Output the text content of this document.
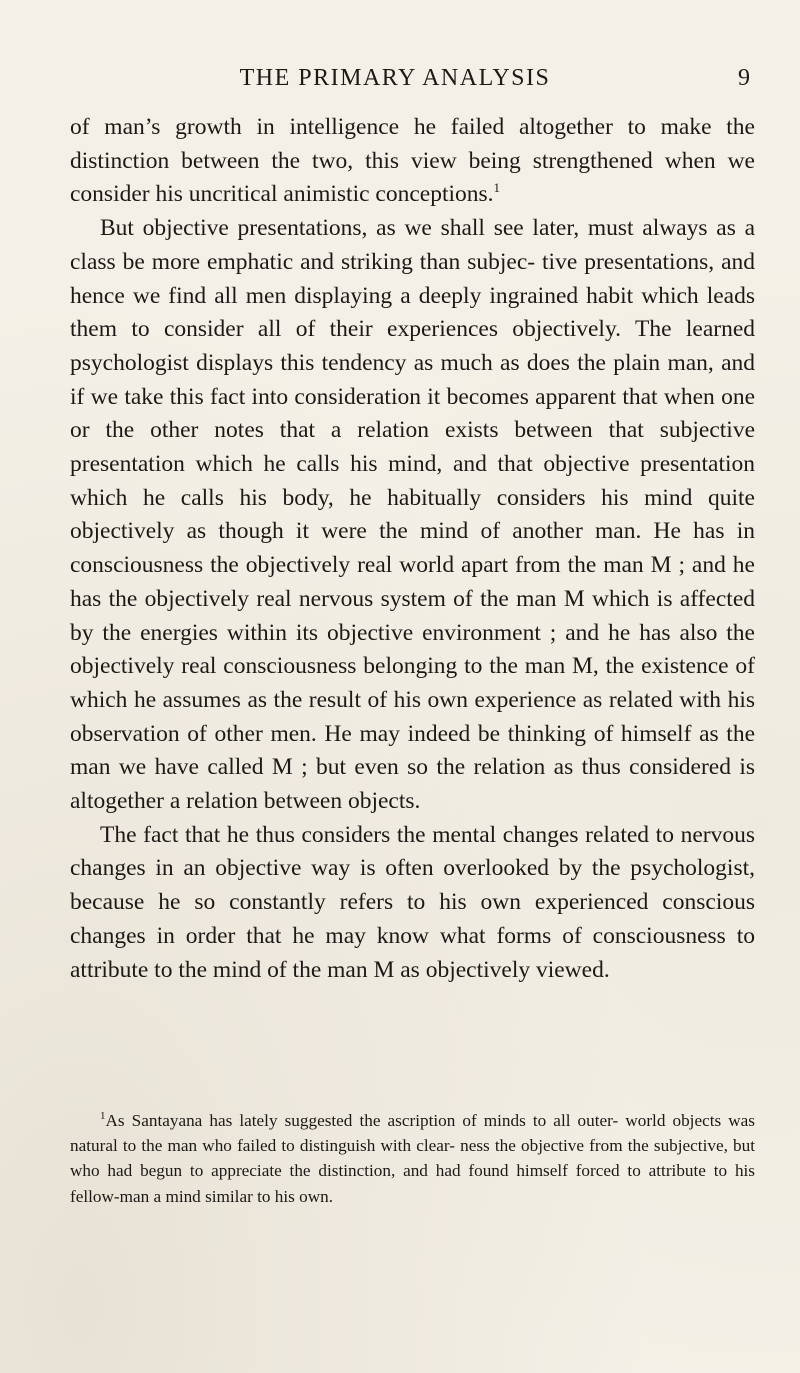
THE PRIMARY ANALYSIS	9

of man’s growth in intelligence he failed altogether to make the distinction between the two, this view being strengthened when we consider his uncritical animistic conceptions.$^1$

But objective presentations, as we shall see later, must always as a class be more emphatic and striking than subjec- tive presentations, and hence we find all men displaying a deeply ingrained habit which leads them to consider all of their experiences objectively. The learned psychologist displays this tendency as much as does the plain man, and if we take this fact into consideration it becomes apparent that when one or the other notes that a relation exists between that subjective presentation which he calls his mind, and that objective presentation which he calls his body, he habitually considers his mind quite objectively as though it were the mind of another man. He has in consciousness the objectively real world apart from the man M ; and he has the objectively real nervous system of the man M which is affected by the energies within its objective environment ; and he has also the objectively real consciousness belonging to the man M, the existence of which he assumes as the result of his own experience as related with his observation of other men. He may indeed be thinking of himself as the man we have called M ; but even so the relation as thus considered is altogether a relation between objects.

The fact that he thus considers the mental changes related to nervous changes in an objective way is often overlooked by the psychologist, because he so constantly refers to his own experienced conscious changes in order that he may know what forms of consciousness to attribute to the mind of the man M as objectively viewed.

$^1$As Santayana has lately suggested the ascription of minds to all outer- world objects was natural to the man who failed to distinguish with clear- ness the objective from the subjective, but who had begun to appreciate the distinction, and had found himself forced to attribute to his fellow-man a mind similar to his own.
